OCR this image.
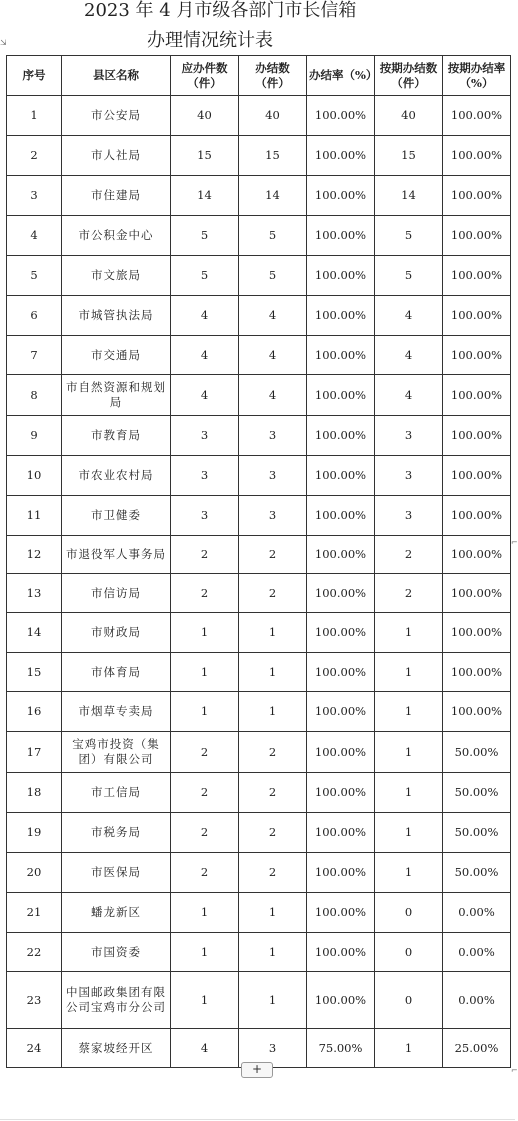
2023 年 4 月市级各部门市长信箱
办理情况统计表
⇲
⌐
⌐
序号	县区名称	应办件数（件）	办结数（件）	办结率（%）	按期办结数（件）	按期办结率（%）
1	市公安局	40	40	100.00%	40	100.00%
2	市人社局	15	15	100.00%	15	100.00%
3	市住建局	14	14	100.00%	14	100.00%
4	市公积金中心	5	5	100.00%	5	100.00%
5	市文旅局	5	5	100.00%	5	100.00%
6	市城管执法局	4	4	100.00%	4	100.00%
7	市交通局	4	4	100.00%	4	100.00%
8	市自然资源和规划局	4	4	100.00%	4	100.00%
9	市教育局	3	3	100.00%	3	100.00%
10	市农业农村局	3	3	100.00%	3	100.00%
11	市卫健委	3	3	100.00%	3	100.00%
12	市退役军人事务局	2	2	100.00%	2	100.00%
13	市信访局	2	2	100.00%	2	100.00%
14	市财政局	1	1	100.00%	1	100.00%
15	市体育局	1	1	100.00%	1	100.00%
16	市烟草专卖局	1	1	100.00%	1	100.00%
17	宝鸡市投资（集团）有限公司	2	2	100.00%	1	50.00%
18	市工信局	2	2	100.00%	1	50.00%
19	市税务局	2	2	100.00%	1	50.00%
20	市医保局	2	2	100.00%	1	50.00%
21	蟠龙新区	1	1	100.00%	0	0.00%
22	市国资委	1	1	100.00%	0	0.00%
23	中国邮政集团有限公司宝鸡市分公司	1	1	100.00%	0	0.00%
24	蔡家坡经开区	4	3	75.00%	1	25.00%
+
